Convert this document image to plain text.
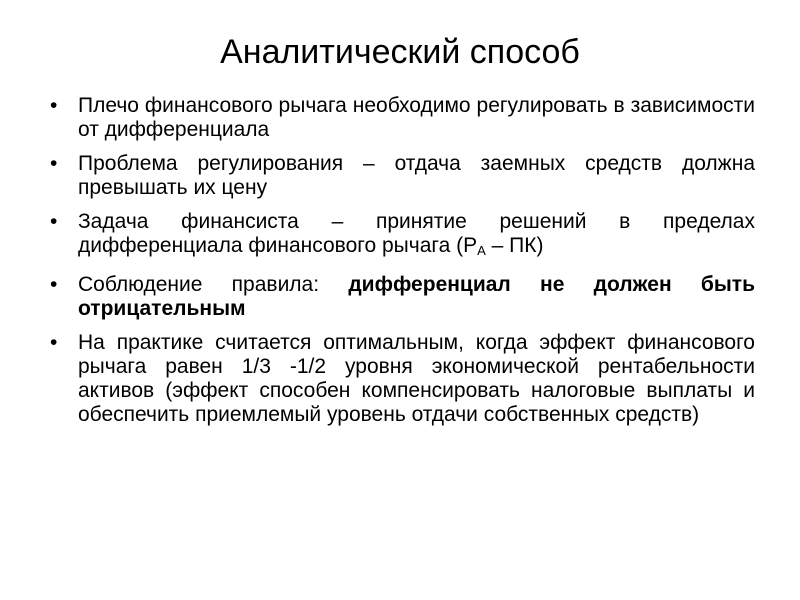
Аналитический способ
• Плечо финансового рычага необходимо регулировать в зависимости от дифференциала
• Проблема регулирования – отдача заемных средств должна превышать их цену
• Задача финансиста – принятие решений в пределах дифференциала финансового рычага $(Р_А - ПК)$
• Соблюдение правила: дифференциал не должен быть отрицательным
• На практике считается оптимальным, когда эффект финансового рычага равен 1/3 -1/2 уровня экономической рентабельности активов (эффект способен компенсировать налоговые выплаты и обеспечить приемлемый уровень отдачи собственных средств)
